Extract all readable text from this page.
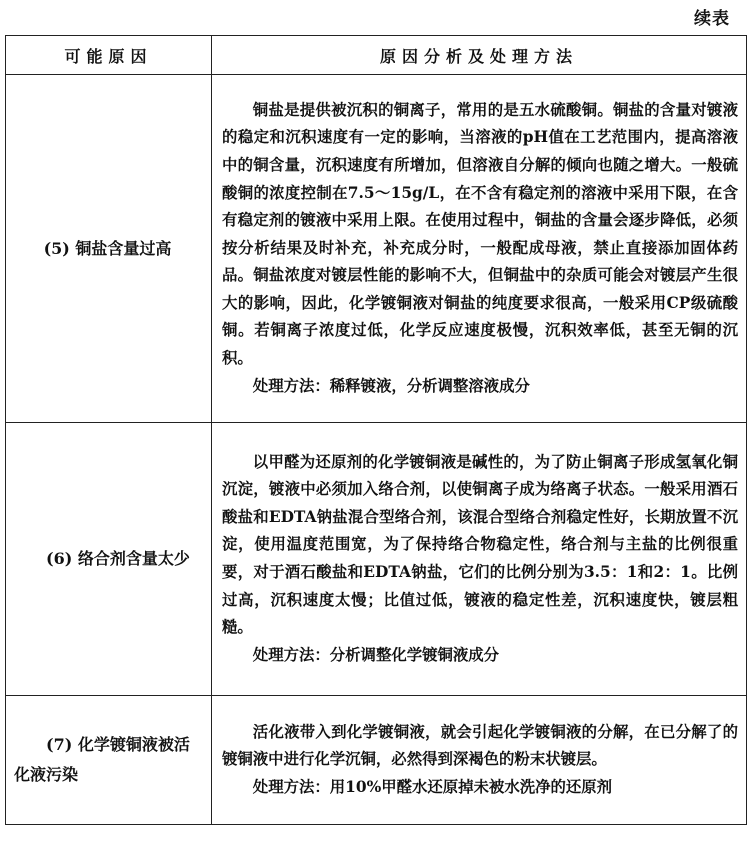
续表
可能原因	原因分析及处理方法
(5) 铜盐含量过高	铜盐是提供被沉积的铜离子，常用的是五水硫酸铜。铜盐的含量对镀液的稳定和沉积速度有一定的影响，当溶液的pH值在工艺范围内，提高溶液中的铜含量，沉积速度有所增加，但溶液自分解的倾向也随之增大。一般硫酸铜的浓度控制在7.5～15g/L，在不含有稳定剂的溶液中采用下限，在含有稳定剂的镀液中采用上限。在使用过程中，铜盐的含量会逐步降低，必须按分析结果及时补充，补充成分时，一般配成母液，禁止直接添加固体药品。铜盐浓度对镀层性能的影响不大，但铜盐中的杂质可能会对镀层产生很大的影响，因此，化学镀铜液对铜盐的纯度要求很高，一般采用CP级硫酸铜。若铜离子浓度过低，化学反应速度极慢，沉积效率低，甚至无铜的沉积。

处理方法：稀释镀液，分析调整溶液成分

(6) 络合剂含量太少	以甲醛为还原剂的化学镀铜液是碱性的，为了防止铜离子形成氢氧化铜沉淀，镀液中必须加入络合剂，以使铜离子成为络离子状态。一般采用酒石酸盐和EDTA钠盐混合型络合剂，该混合型络合剂稳定性好，长期放置不沉淀，使用温度范围宽，为了保持络合物稳定性，络合剂与主盐的比例很重要，对于酒石酸盐和EDTA钠盐，它们的比例分别为3.5：1和2：1。比例过高，沉积速度太慢；比值过低，镀液的稳定性差，沉积速度快，镀层粗糙。

处理方法：分析调整化学镀铜液成分

(7) 化学镀铜液被活化液污染	活化液带入到化学镀铜液，就会引起化学镀铜液的分解，在已分解了的镀铜液中进行化学沉铜，必然得到深褐色的粉末状镀层。

处理方法：用10%甲醛水还原掉未被水洗净的还原剂
